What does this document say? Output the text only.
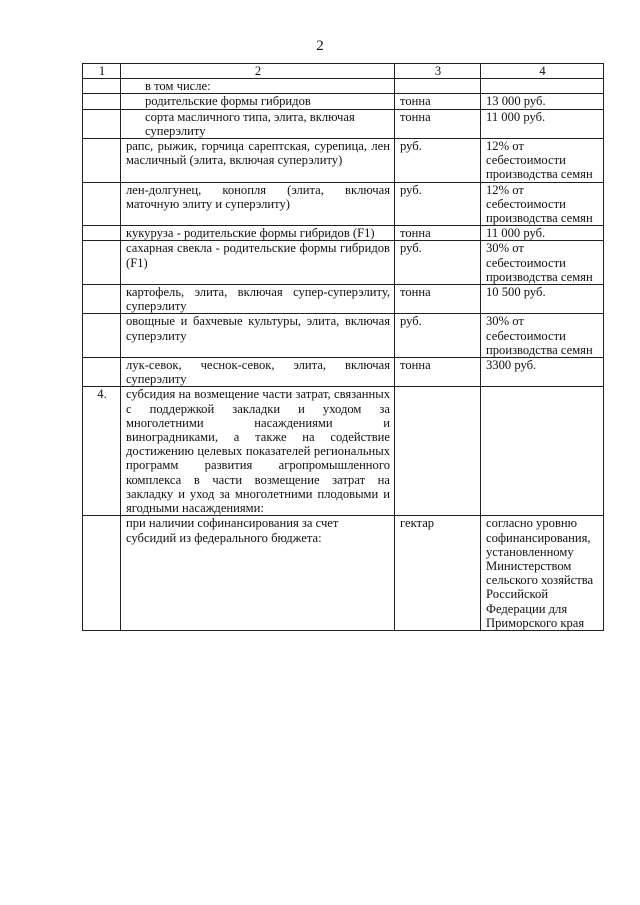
2
1	2	3	4
	в том числе:		
	родительские формы гибридов	тонна	13 000 руб.
	сорта масличного типа, элита, включая суперэлиту	тонна	11 000 руб.
	рапс, рыжик, горчица сарептская, сурепица, лен масличный (элита, включая суперэлиту)	руб.	12% от себестоимости производства семян
	лен-долгунец, конопля (элита, включая маточную элиту и суперэлиту)	руб.	12% от себестоимости производства семян
	кукуруза - родительские формы гибридов (F1)	тонна	11 000 руб.
	сахарная свекла - родительские формы гибридов (F1)	руб.	30% от себестоимости производства семян
	картофель, элита, включая супер-суперэлиту, суперэлиту	тонна	10 500 руб.
	овощные и бахчевые культуры, элита, включая суперэлиту	руб.	30% от себестоимости производства семян
	лук-севок, чеснок-севок, элита, включая суперэлиту	тонна	3300 руб.
4.	субсидия на возмещение части затрат, связанных с поддержкой закладки и уходом за многолетними насаждениями и виноградниками, а также на содействие достижению целевых показателей региональных программ развития агропромышленного комплекса в части возмещение затрат на закладку и уход за многолетними плодовыми и ягодными насаждениями:		
	при наличии софинансирования за счет субсидий из федерального бюджета:	гектар	согласно уровню софинансирования, установленному Министерством сельского хозяйства Российской Федерации для Приморского края
